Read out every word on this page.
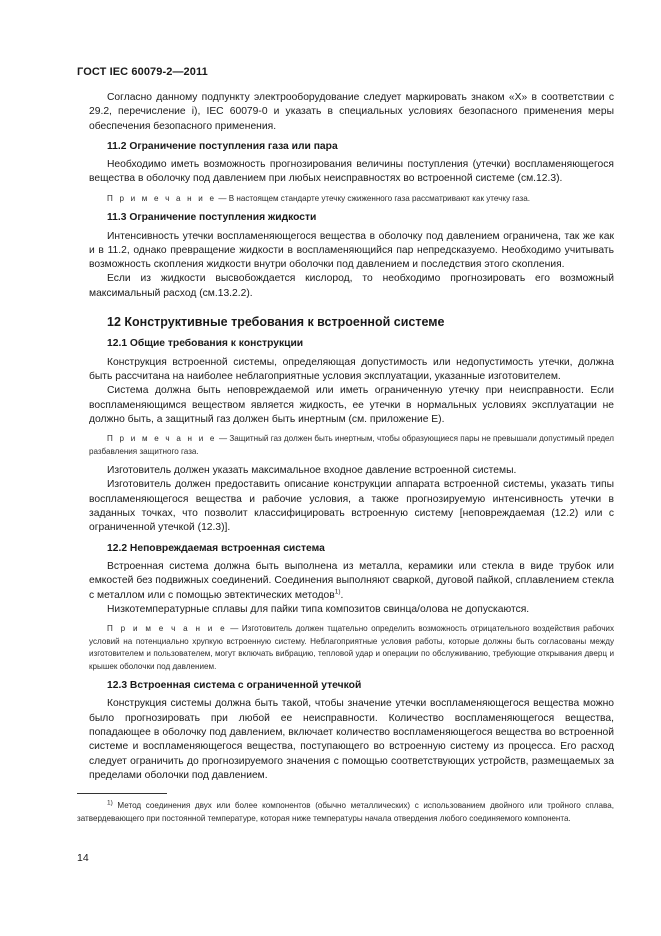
ГОСТ IEC 60079-2—2011

Согласно данному подпункту электрооборудование следует маркировать знаком «Х» в соответствии с 29.2, перечисление i), IEC 60079-0 и указать в специальных условиях безопасного применения меры обеспечения безопасного применения.

11.2 Ограничение поступления газа или пара

Необходимо иметь возможность прогнозирования величины поступления (утечки) воспламеняющегося вещества в оболочку под давлением при любых неисправностях во встроенной системе (см.12.3).

П р и м е ч а н и е — В настоящем стандарте утечку сжиженного газа рассматривают как утечку газа.
11.3 Ограничение поступления жидкости

Интенсивность утечки воспламеняющегося вещества в оболочку под давлением ограничена, так же как и в 11.2, однако превращение жидкости в воспламеняющийся пар непредсказуемо. Необходимо учитывать возможность скопления жидкости внутри оболочки под давлением и последствия этого скопления.

Если из жидкости высвобождается кислород, то необходимо прогнозировать его возможный максимальный расход (см.13.2.2).

12 Конструктивные требования к встроенной системе
12.1 Общие требования к конструкции

Конструкция встроенной системы, определяющая допустимость или недопустимость утечки, должна быть рассчитана на наиболее неблагоприятные условия эксплуатации, указанные изготовителем.

Система должна быть неповреждаемой или иметь ограниченную утечку при неисправности. Если воспламеняющимся веществом является жидкость, ее утечки в нормальных условиях эксплуатации не должно быть, а защитный газ должен быть инертным (см. приложение Е).

П р и м е ч а н и е — Защитный газ должен быть инертным, чтобы образующиеся пары не превышали допустимый предел разбавления защитного газа.

Изготовитель должен указать максимальное входное давление встроенной системы.

Изготовитель должен предоставить описание конструкции аппарата встроенной системы, указать типы воспламеняющегося вещества и рабочие условия, а также прогнозируемую интенсивность утечки в заданных точках, что позволит классифицировать встроенную систему [неповреждаемая (12.2) или с ограниченной утечкой (12.3)].

12.2 Неповреждаемая встроенная система

Встроенная система должна быть выполнена из металла, керамики или стекла в виде трубок или емкостей без подвижных соединений. Соединения выполняют сваркой, дуговой пайкой, сплавлением стекла с металлом или с помощью эвтектических методов$^{1)}$.

Низкотемпературные сплавы для пайки типа композитов свинца/олова не допускаются.

П р и м е ч а н и е — Изготовитель должен тщательно определить возможность отрицательного воздействия рабочих условий на потенциально хрупкую встроенную систему. Неблагоприятные условия работы, которые должны быть согласованы между изготовителем и пользователем, могут включать вибрацию, тепловой удар и операции по обслуживанию, требующие открывания дверц и крышек оболочки под давлением.
12.3 Встроенная система с ограниченной утечкой

Конструкция системы должна быть такой, чтобы значение утечки воспламеняющегося вещества можно было прогнозировать при любой ее неисправности. Количество воспламеняющегося вещества, попадающее в оболочку под давлением, включает количество воспламеняющегося вещества во встроенной системе и воспламеняющегося вещества, поступающего во встроенную систему из процесса. Его расход следует ограничить до прогнозируемого значения с помощью соответствующих устройств, размещаемых за пределами оболочки под давлением.

$^{1)}$ Метод соединения двух или более компонентов (обычно металлических) с использованием двойного или тройного сплава, затвердевающего при постоянной температуре, которая ниже температуры начала отвердения любого соединяемого компонента.
14
